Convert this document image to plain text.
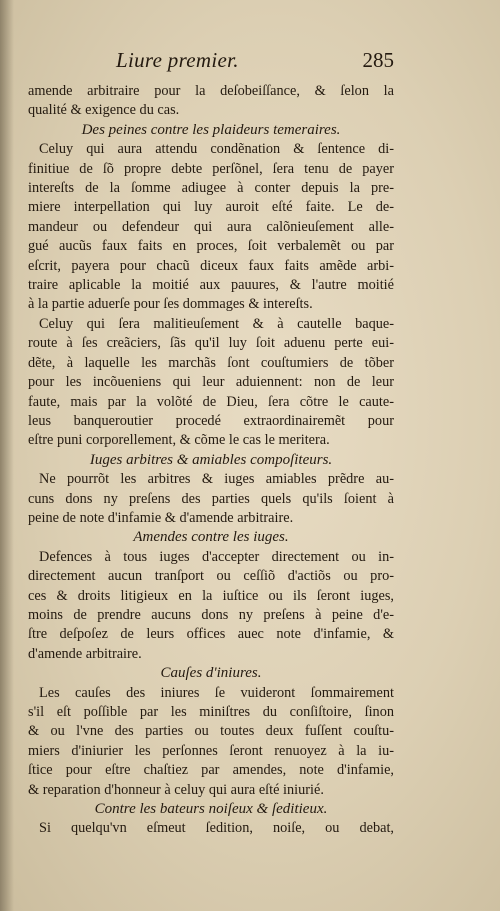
Liure premier.	285
amende arbitraire pour la deſobeiſſance, & ſelon la
qualité & exigence du cas.
Des peines contre les plaideurs temeraires.
Celuy qui aura attendu condẽnation & ſentence di-
finitiue de ſõ propre debte perſõnel, ſera tenu de payer
intereſts de la ſomme adiugee à conter depuis la pre-
miere interpellation qui luy auroit eſté faite. Le de-
mandeur ou defendeur qui aura calõnieuſement alle-
gué aucũs faux faits en proces, ſoit verbalemẽt ou par
eſcrit, payera pour chacũ diceux faux faits amẽde arbi-
traire aplicable la moitié aux pauures, & l'autre moitié
à la partie aduerſe pour ſes dommages & intereſts.
Celuy qui ſera malitieuſement & à cautelle baque-
route à ſes creãciers, ſãs qu'il luy ſoit aduenu perte eui-
dẽte, à laquelle les marchãs ſont couſtumiers de tõber
pour les incõueniens qui leur aduiennent: non de leur
faute, mais par la volõté de Dieu, ſera cõtre le caute-
leus banqueroutier procedé extraordinairemẽt pour
eſtre puni corporellement, & cõme le cas le meritera.
Iuges arbitres & amiables compoſiteurs.
Ne pourrõt les arbitres & iuges amiables prẽdre au-
cuns dons ny preſens des parties quels qu'ils ſoient à
peine de note d'infamie & d'amende arbitraire.
Amendes contre les iuges.
Defences à tous iuges d'accepter directement ou in-
directement aucun tranſport ou ceſſiõ d'actiõs ou pro-
ces & droits litigieux en la iuſtice ou ils ſeront iuges,
moins de prendre aucuns dons ny preſens à peine d'e-
ſtre deſpoſez de leurs offices auec note d'infamie, &
d'amende arbitraire.
Cauſes d'iniures.
Les cauſes des iniures ſe vuideront ſommairement
s'il eſt poſſible par les miniſtres du conſiſtoire, ſinon
& ou l'vne des parties ou toutes deux fuſſent couſtu-
miers d'iniurier les perſonnes ſeront renuoyez à la iu-
ſtice pour eſtre chaſtiez par amendes, note d'infamie,
& reparation d'honneur à celuy qui aura eſté iniurié.
Contre les bateurs noiſeux & ſeditieux.
Si quelqu'vn eſmeut ſedition, noiſe, ou debat,
